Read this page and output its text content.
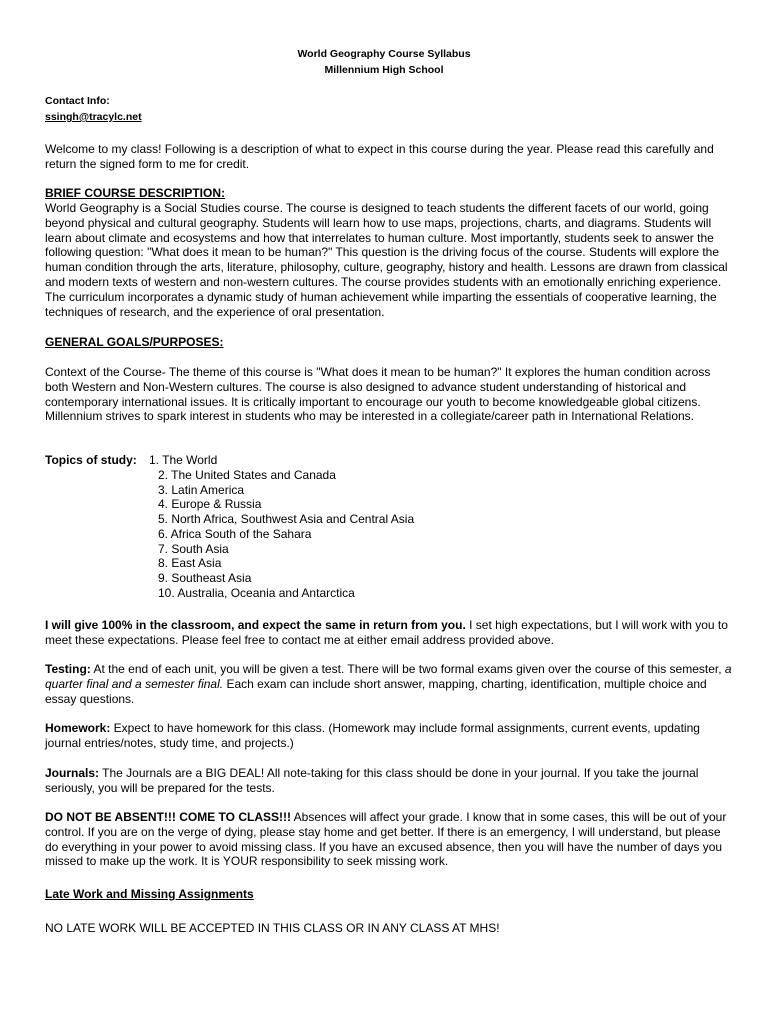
World Geography Course Syllabus
Millennium High School
Contact Info:
ssingh@tracylc.net

Welcome to my class! Following is a description of what to expect in this course during the year. Please read this carefully and return the signed form to me for credit.

BRIEF COURSE DESCRIPTION:

World Geography is a Social Studies course. The course is designed to teach students the different facets of our world, going beyond physical and cultural geography. Students will learn how to use maps, projections, charts, and diagrams. Students will learn about climate and ecosystems and how that interrelates to human culture. Most importantly, students seek to answer the following question: "What does it mean to be human?" This question is the driving focus of the course. Students will explore the human condition through the arts, literature, philosophy, culture, geography, history and health. Lessons are drawn from classical and modern texts of western and non-western cultures. The course provides students with an emotionally enriching experience. The curriculum incorporates a dynamic study of human achievement while imparting the essentials of cooperative learning, the techniques of research, and the experience of oral presentation.

GENERAL GOALS/PURPOSES:

Context of the Course- The theme of this course is "What does it mean to be human?" It explores the human condition across both Western and Non-Western cultures. The course is also designed to advance student understanding of historical and contemporary international issues. It is critically important to encourage our youth to become knowledgeable global citizens. Millennium strives to spark interest in students who may be interested in a collegiate/career path in International Relations.

Topics of study: 1. The World
2. The United States and Canada
3. Latin America
4. Europe & Russia
5. North Africa, Southwest Asia and Central Asia
6. Africa South of the Sahara
7. South Asia
8. East Asia
9. Southeast Asia
10. Australia, Oceania and Antarctica

I will give 100% in the classroom, and expect the same in return from you. I set high expectations, but I will work with you to meet these expectations. Please feel free to contact me at either email address provided above.

Testing: At the end of each unit, you will be given a test. There will be two formal exams given over the course of this semester, a quarter final and a semester final. Each exam can include short answer, mapping, charting, identification, multiple choice and essay questions.

Homework: Expect to have homework for this class. (Homework may include formal assignments, current events, updating journal entries/notes, study time, and projects.)

Journals: The Journals are a BIG DEAL! All note-taking for this class should be done in your journal. If you take the journal seriously, you will be prepared for the tests.

DO NOT BE ABSENT!!! COME TO CLASS!!! Absences will affect your grade. I know that in some cases, this will be out of your control. If you are on the verge of dying, please stay home and get better. If there is an emergency, I will understand, but please do everything in your power to avoid missing class. If you have an excused absence, then you will have the number of days you missed to make up the work. It is YOUR responsibility to seek missing work.

Late Work and Missing Assignments

NO LATE WORK WILL BE ACCEPTED IN THIS CLASS OR IN ANY CLASS AT MHS!
